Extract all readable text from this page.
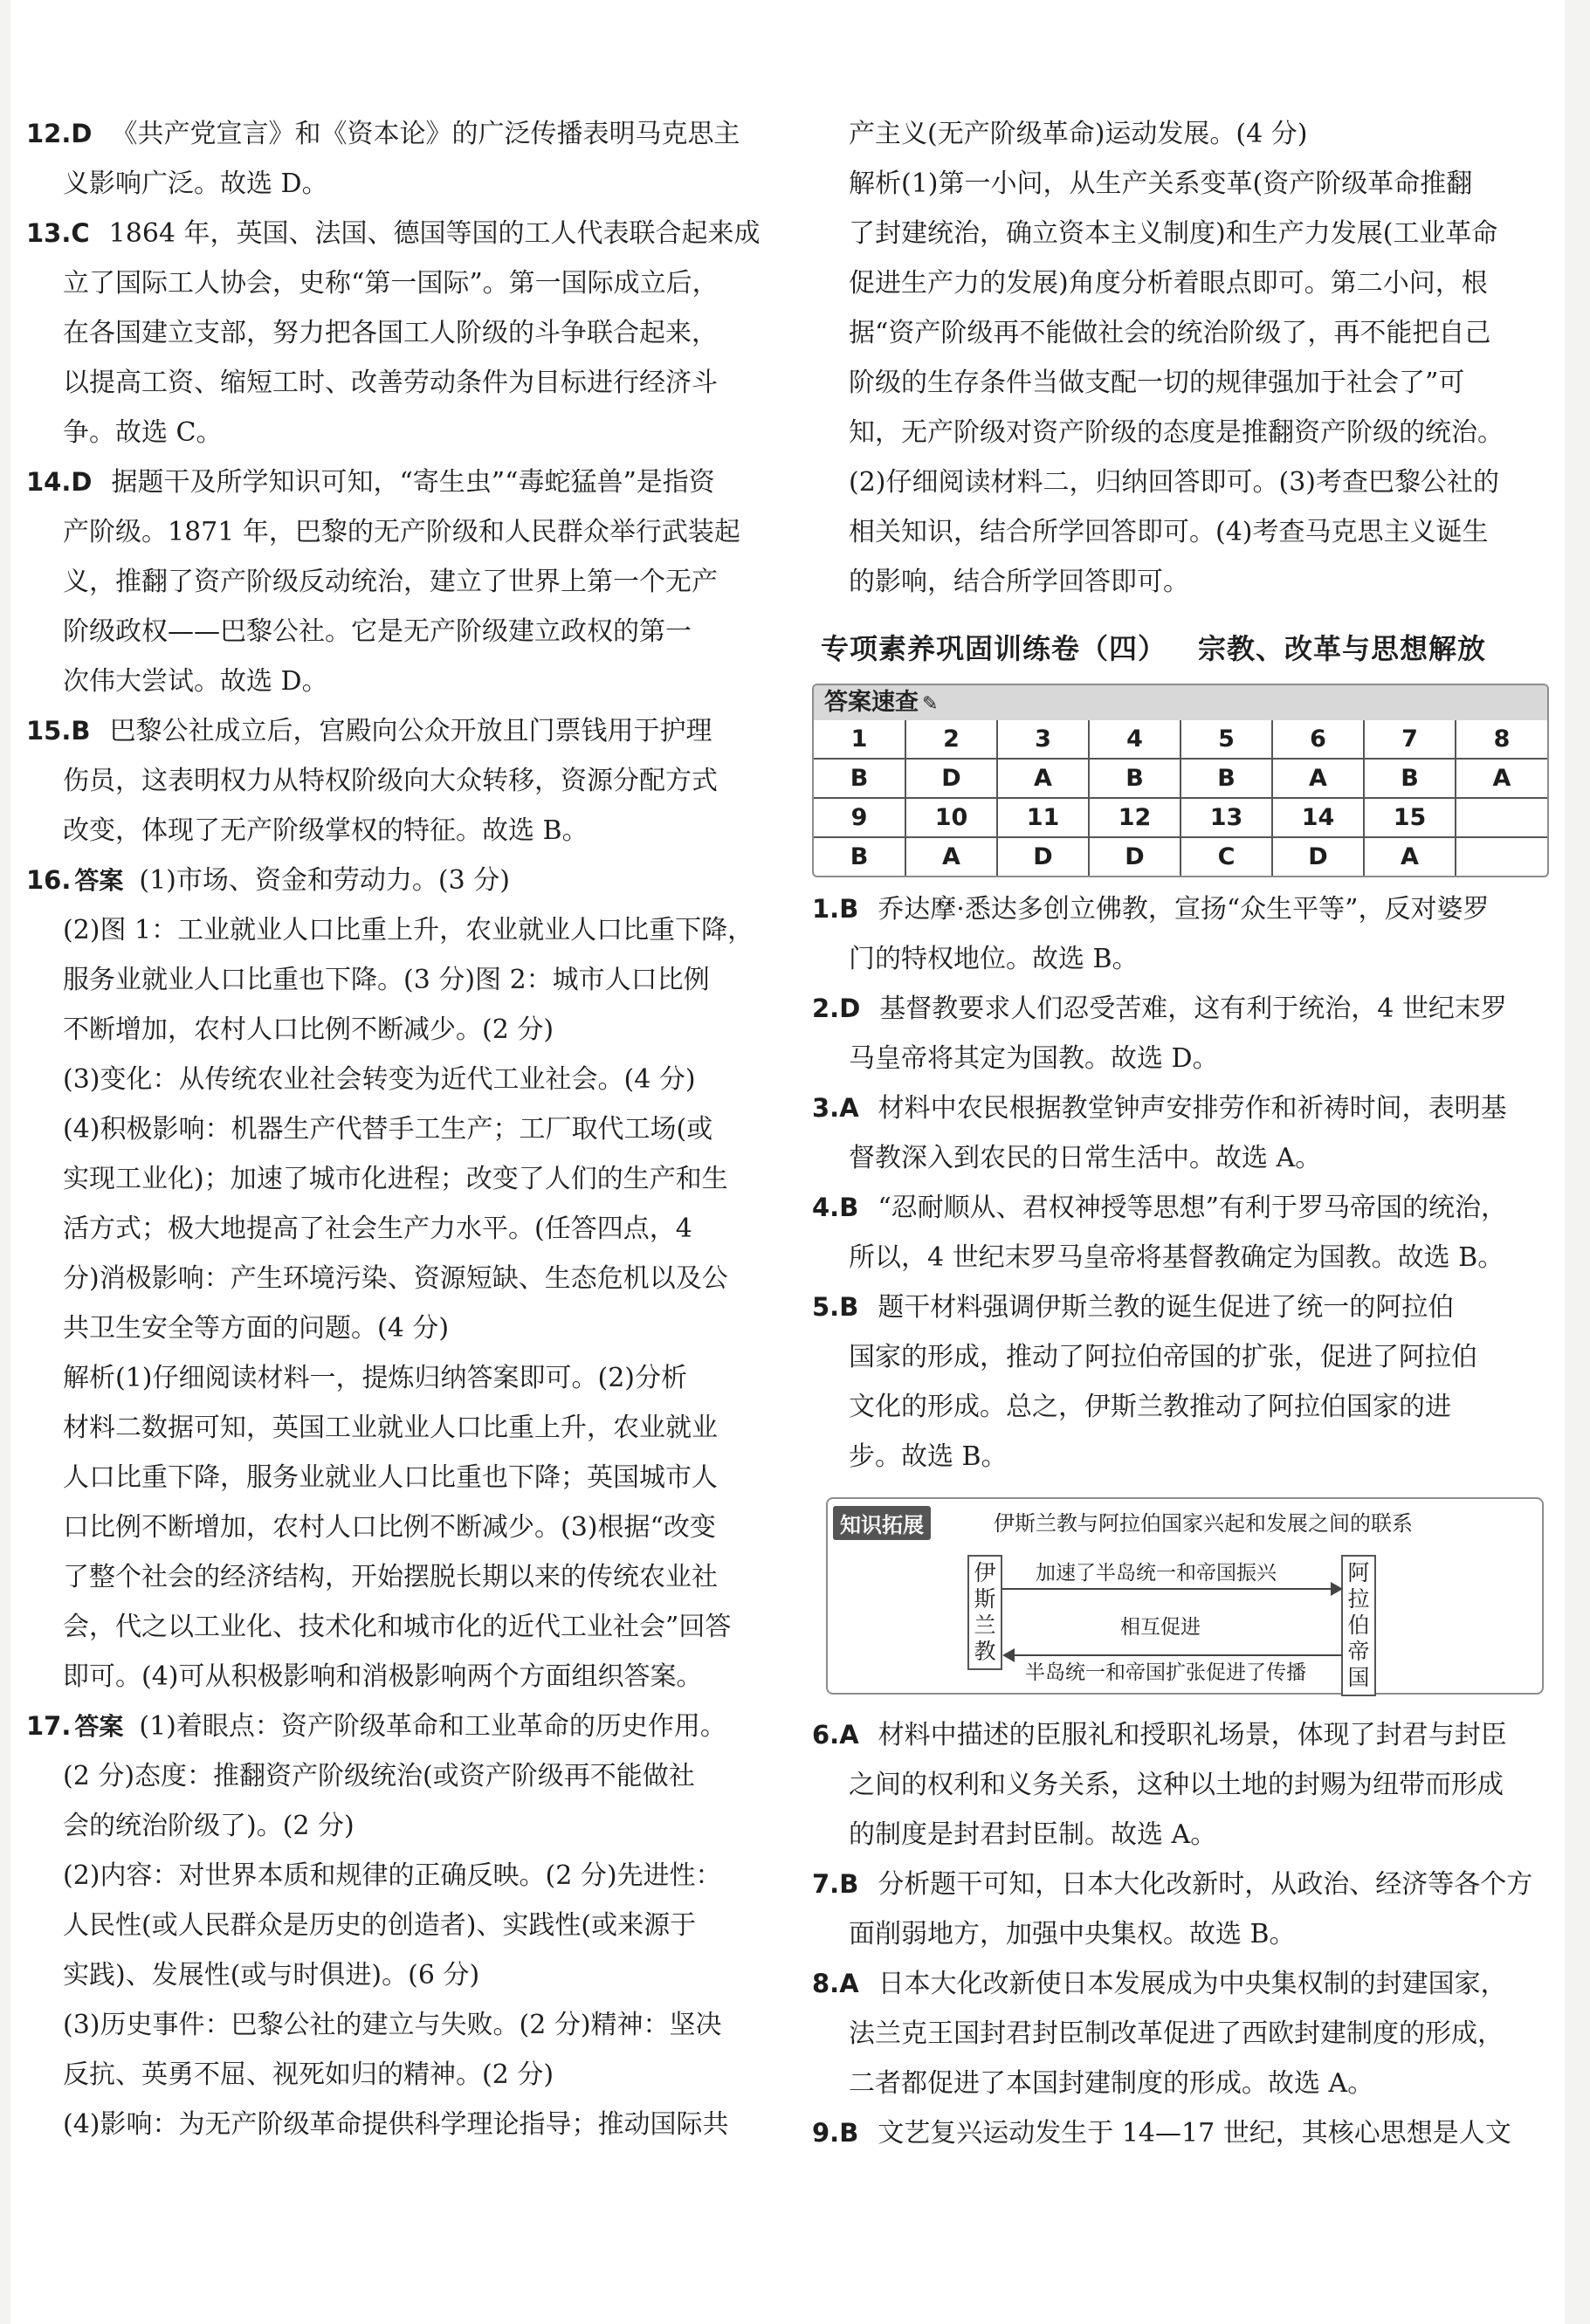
12.D 《共产党宣言》和《资本论》的广泛传播表明马克思主

义影响广泛。故选 D。

13.C 1864 年，英国、法国、德国等国的工人代表联合起来成

立了国际工人协会，史称“第一国际”。第一国际成立后，

在各国建立支部，努力把各国工人阶级的斗争联合起来，

以提高工资、缩短工时、改善劳动条件为目标进行经济斗

争。故选 C。

14.D 据题干及所学知识可知，“寄生虫”“毒蛇猛兽”是指资

产阶级。1871 年，巴黎的无产阶级和人民群众举行武装起

义，推翻了资产阶级反动统治，建立了世界上第一个无产

阶级政权——巴黎公社。它是无产阶级建立政权的第一

次伟大尝试。故选 D。

15.B 巴黎公社成立后，宫殿向公众开放且门票钱用于护理

伤员，这表明权力从特权阶级向大众转移，资源分配方式

改变，体现了无产阶级掌权的特征。故选 B。

16. 答案 (1)市场、资金和劳动力。(3 分)

(2)图 1：工业就业人口比重上升，农业就业人口比重下降，

服务业就业人口比重也下降。(3 分)图 2：城市人口比例

不断增加，农村人口比例不断减少。(2 分)

(3)变化：从传统农业社会转变为近代工业社会。(4 分)

(4)积极影响：机器生产代替手工生产；工厂取代工场(或

实现工业化)；加速了城市化进程；改变了人们的生产和生

活方式；极大地提高了社会生产力水平。(任答四点，4

分)消极影响：产生环境污染、资源短缺、生态危机以及公

共卫生安全等方面的问题。(4 分)

解析(1)仔细阅读材料一，提炼归纳答案即可。(2)分析

材料二数据可知，英国工业就业人口比重上升，农业就业

人口比重下降，服务业就业人口比重也下降；英国城市人

口比例不断增加，农村人口比例不断减少。(3)根据“改变

了整个社会的经济结构，开始摆脱长期以来的传统农业社

会，代之以工业化、技术化和城市化的近代工业社会”回答

即可。(4)可从积极影响和消极影响两个方面组织答案。

17. 答案 (1)着眼点：资产阶级革命和工业革命的历史作用。

(2 分)态度：推翻资产阶级统治(或资产阶级再不能做社

会的统治阶级了)。(2 分)

(2)内容：对世界本质和规律的正确反映。(2 分)先进性：

人民性(或人民群众是历史的创造者)、实践性(或来源于

实践)、发展性(或与时俱进)。(6 分)

(3)历史事件：巴黎公社的建立与失败。(2 分)精神：坚决

反抗、英勇不屈、视死如归的精神。(2 分)

(4)影响：为无产阶级革命提供科学理论指导；推动国际共

产主义(无产阶级革命)运动发展。(4 分)

解析(1)第一小问，从生产关系变革(资产阶级革命推翻

了封建统治，确立资本主义制度)和生产力发展(工业革命

促进生产力的发展)角度分析着眼点即可。第二小问，根

据“资产阶级再不能做社会的统治阶级了，再不能把自己

阶级的生存条件当做支配一切的规律强加于社会了”可

知，无产阶级对资产阶级的态度是推翻资产阶级的统治。

(2)仔细阅读材料二，归纳回答即可。(3)考查巴黎公社的

相关知识，结合所学回答即可。(4)考查马克思主义诞生

的影响，结合所学回答即可。

专项素养巩固训练卷（四） 宗教、改革与思想解放
答案速查 ✎
1	2	3	4	5	6	7	8
B	D	A	B	B	A	B	A
9	10	11	12	13	14	15	
B	A	D	D	C	D	A	

1.B 乔达摩·悉达多创立佛教，宣扬“众生平等”，反对婆罗

门的特权地位。故选 B。

2.D 基督教要求人们忍受苦难，这有利于统治，4 世纪末罗

马皇帝将其定为国教。故选 D。

3.A 材料中农民根据教堂钟声安排劳作和祈祷时间，表明基

督教深入到农民的日常生活中。故选 A。

4.B “忍耐顺从、君权神授等思想”有利于罗马帝国的统治，

所以，4 世纪末罗马皇帝将基督教确定为国教。故选 B。

5.B 题干材料强调伊斯兰教的诞生促进了统一的阿拉伯

国家的形成，推动了阿拉伯帝国的扩张，促进了阿拉伯

文化的形成。总之，伊斯兰教推动了阿拉伯国家的进

步。故选 B。

知识拓展	伊斯兰教与阿拉伯国家兴起和发展之间的联系
伊
斯
兰
教
阿
拉
伯
帝
国
加速了半岛统一和帝国振兴
相互促进
半岛统一和帝国扩张促进了传播

6.A 材料中描述的臣服礼和授职礼场景，体现了封君与封臣

之间的权利和义务关系，这种以土地的封赐为纽带而形成

的制度是封君封臣制。故选 A。

7.B 分析题干可知，日本大化改新时，从政治、经济等各个方

面削弱地方，加强中央集权。故选 B。

8.A 日本大化改新使日本发展成为中央集权制的封建国家，

法兰克王国封君封臣制改革促进了西欧封建制度的形成，

二者都促进了本国封建制度的形成。故选 A。

9.B 文艺复兴运动发生于 14—17 世纪，其核心思想是人文
